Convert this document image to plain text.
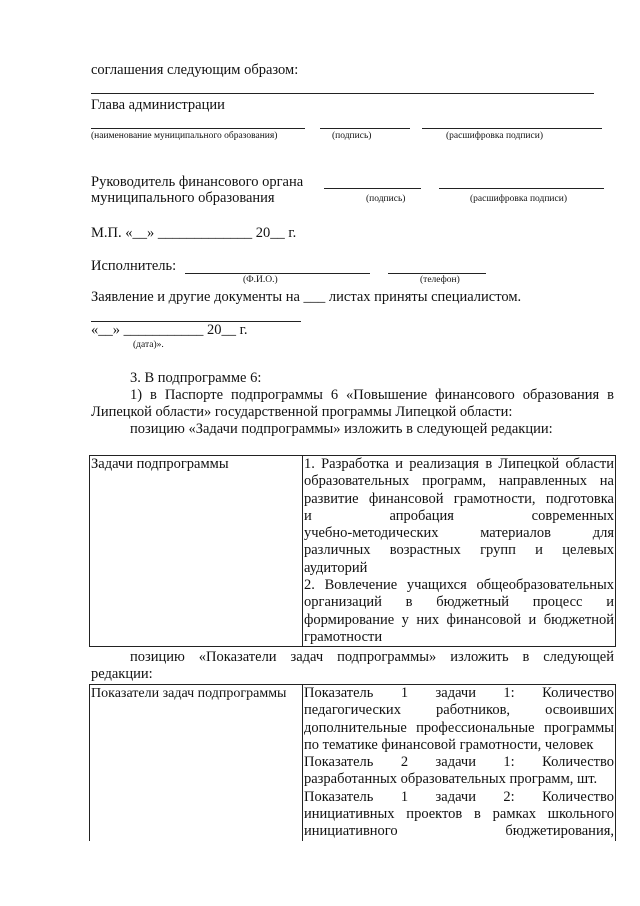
соглашения следующим образом:
Глава администрации
(наименование муниципального образования)	(подпись)	(расшифровка подписи)
Руководитель финансового органа
муниципального образования	(подпись)	(расшифровка подписи)
М.П. «__» _____________ 20__ г.
Исполнитель:
(Ф.И.О.)	(телефон)
Заявление и другие документы на ___ листах приняты специалистом.
«__» ___________ 20__ г.
(дата)».
3. В подпрограмме 6:
1) в Паспорте подпрограммы 6 «Повышение финансового образования в
Липецкой области» государственной программы Липецкой области:
позицию «Задачи подпрограммы» изложить в следующей редакции:
Задачи подпрограммы	1. Разработка и реализация в Липецкой области
образовательных программ, направленных на
развитие финансовой грамотности, подготовка
и апробация современных
учебно-методических материалов для
различных возрастных групп и целевых
аудиторий
2. Вовлечение учащихся общеобразовательных
организаций в бюджетный процесс и
формирование у них финансовой и бюджетной
грамотности
позицию «Показатели задач подпрограммы» изложить в следующей
редакции:
Показатели задач подпрограммы	Показатель 1 задачи 1: Количество
педагогических работников, освоивших
дополнительные профессиональные программы
по тематике финансовой грамотности, человек
Показатель 2 задачи 1: Количество
разработанных образовательных программ, шт.
Показатель 1 задачи 2: Количество
инициативных проектов в рамках школьного
инициативного бюджетирования,
